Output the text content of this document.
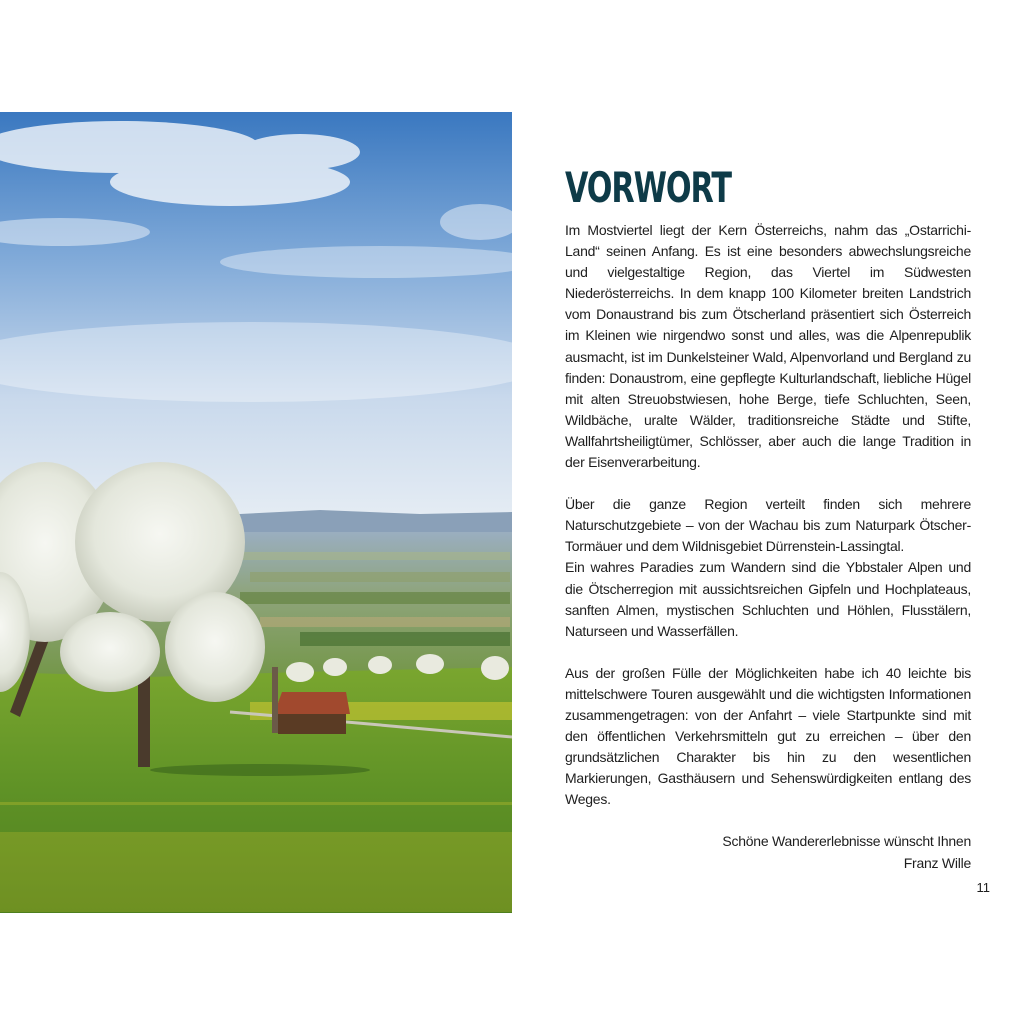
VORWORT

Im Mostviertel liegt der Kern Österreichs, nahm das „Ostarrichi-Land“ seinen Anfang. Es ist eine besonders abwechslungsreiche und vielgestaltige Region, das Viertel im Südwesten Niederösterreichs. In dem knapp 100 Kilometer breiten Landstrich vom Donaustrand bis zum Ötscherland präsentiert sich Österreich im Kleinen wie nirgendwo sonst und alles, was die Alpenrepublik ausmacht, ist im Dunkelsteiner Wald, Alpenvorland und Bergland zu finden: Donaustrom, eine gepflegte Kulturlandschaft, liebliche Hügel mit alten Streuobstwiesen, hohe Berge, tiefe Schluchten, Seen, Wildbäche, uralte Wälder, traditionsreiche Städte und Stifte, Wallfahrtsheiligtümer, Schlösser, aber auch die lange Tradition in der Eisenverarbeitung.

Über die ganze Region verteilt finden sich mehrere Naturschutzgebiete – von der Wachau bis zum Naturpark Ötscher-Tormäuer und dem Wildnisgebiet Dürrenstein-Lassingtal.

Ein wahres Paradies zum Wandern sind die Ybbstaler Alpen und die Ötscherregion mit aussichtsreichen Gipfeln und Hochplateaus, sanften Almen, mystischen Schluchten und Höhlen, Flusstälern, Naturseen und Wasserfällen.

Aus der großen Fülle der Möglichkeiten habe ich 40 leichte bis mittelschwere Touren ausgewählt und die wichtigsten Informationen zusammengetragen: von der Anfahrt – viele Startpunkte sind mit den öffentlichen Verkehrsmitteln gut zu erreichen – über den grundsätzlichen Charakter bis hin zu den wesentlichen Markierungen, Gasthäusern und Sehenswürdigkeiten entlang des Weges.

Schöne Wandererlebnisse wünscht Ihnen
Franz Wille
11
